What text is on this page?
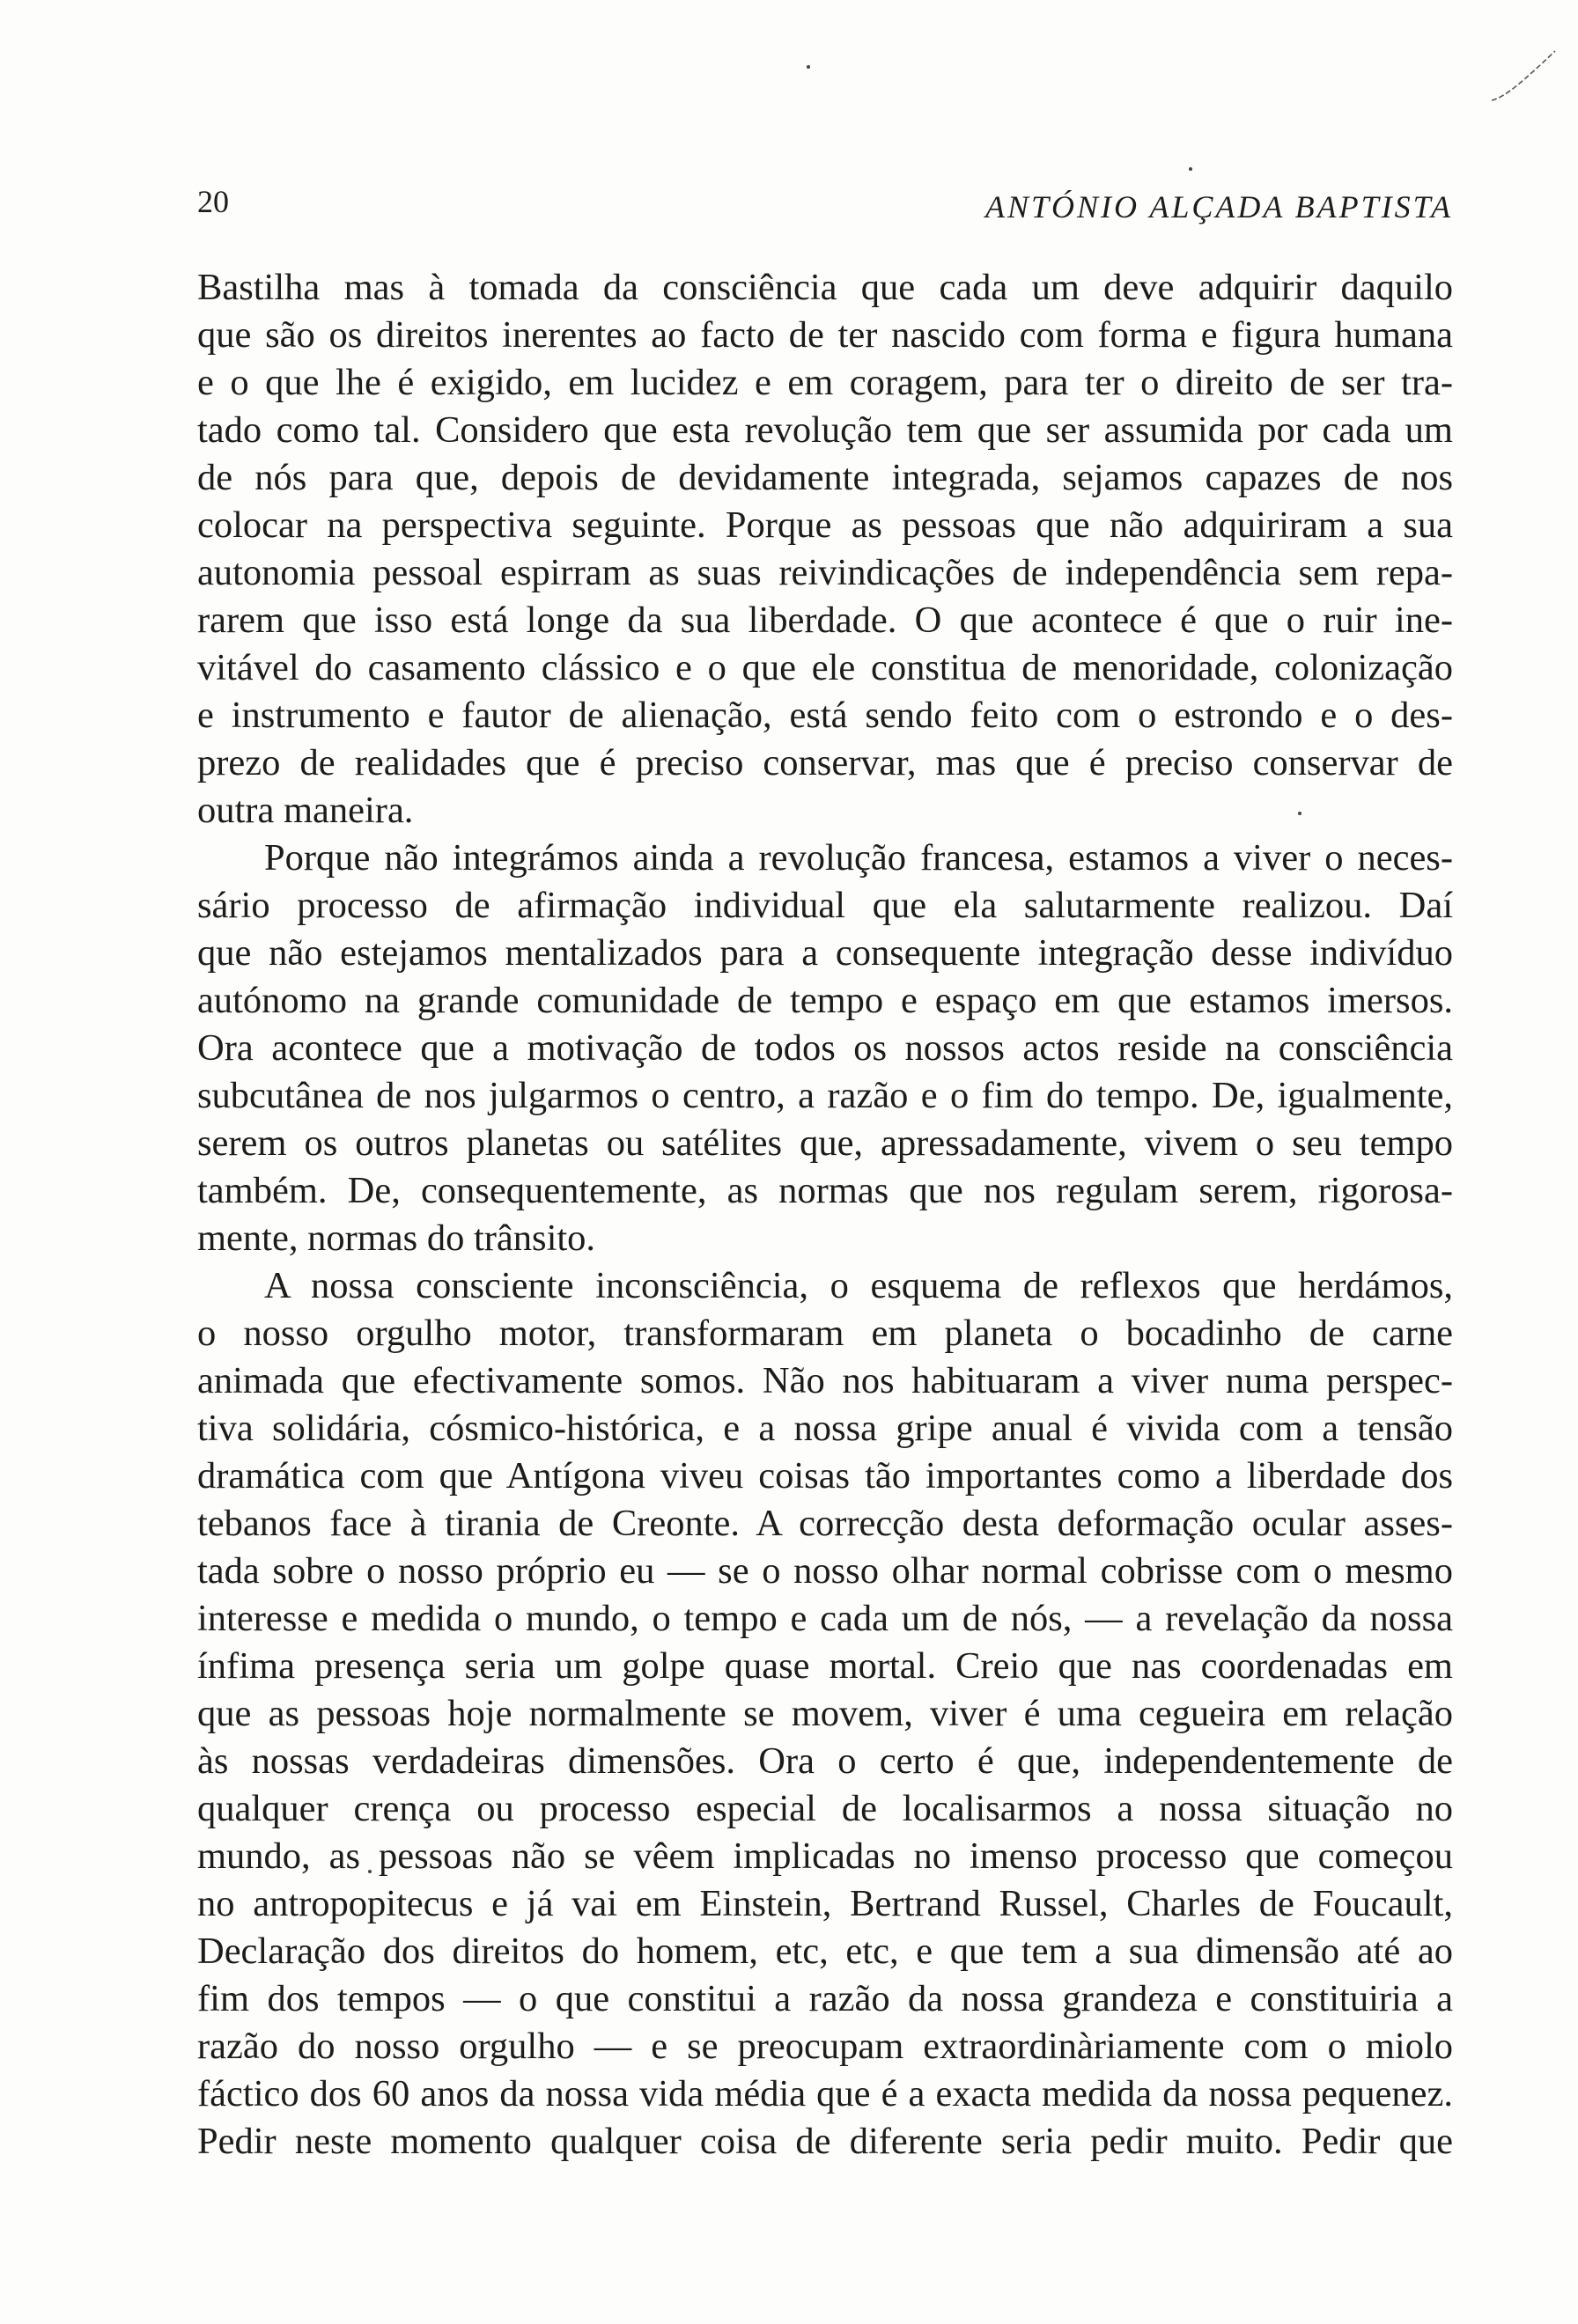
20	ANTÓNIO ALÇADA BAPTISTA

Bastilha mas à tomada da consciência que cada um deve adquirir daquilo
que são os direitos inerentes ao facto de ter nascido com forma e figura humana
e o que lhe é exigido, em lucidez e em coragem, para ter o direito de ser tra-
tado como tal. Considero que esta revolução tem que ser assumida por cada um
de nós para que, depois de devidamente integrada, sejamos capazes de nos
colocar na perspectiva seguinte. Porque as pessoas que não adquiriram a sua
autonomia pessoal espirram as suas reivindicações de independência sem repa-
rarem que isso está longe da sua liberdade. O que acontece é que o ruir ine-
vitável do casamento clássico e o que ele constitua de menoridade, colonização
e instrumento e fautor de alienação, está sendo feito com o estrondo e o des-
prezo de realidades que é preciso conservar, mas que é preciso conservar de
outra maneira.

Porque não integrámos ainda a revolução francesa, estamos a viver o neces-
sário processo de afirmação individual que ela salutarmente realizou. Daí
que não estejamos mentalizados para a consequente integração desse indivíduo
autónomo na grande comunidade de tempo e espaço em que estamos imersos.
Ora acontece que a motivação de todos os nossos actos reside na consciência
subcutânea de nos julgarmos o centro, a razão e o fim do tempo. De, igualmente,
serem os outros planetas ou satélites que, apressadamente, vivem o seu tempo
também. De, consequentemente, as normas que nos regulam serem, rigorosa-
mente, normas do trânsito.

A nossa consciente inconsciência, o esquema de reflexos que herdámos,
o nosso orgulho motor, transformaram em planeta o bocadinho de carne
animada que efectivamente somos. Não nos habituaram a viver numa perspec-
tiva solidária, cósmico-histórica, e a nossa gripe anual é vivida com a tensão
dramática com que Antígona viveu coisas tão importantes como a liberdade dos
tebanos face à tirania de Creonte. A correcção desta deformação ocular asses-
tada sobre o nosso próprio eu — se o nosso olhar normal cobrisse com o mesmo
interesse e medida o mundo, o tempo e cada um de nós, — a revelação da nossa
ínfima presença seria um golpe quase mortal. Creio que nas coordenadas em
que as pessoas hoje normalmente se movem, viver é uma cegueira em relação
às nossas verdadeiras dimensões. Ora o certo é que, independentemente de
qualquer crença ou processo especial de localisarmos a nossa situação no
mundo, as pessoas não se vêem implicadas no imenso processo que começou
no antropopitecus e já vai em Einstein, Bertrand Russel, Charles de Foucault,
Declaração dos direitos do homem, etc, etc, e que tem a sua dimensão até ao
fim dos tempos — o que constitui a razão da nossa grandeza e constituiria a
razão do nosso orgulho — e se preocupam extraordinàriamente com o miolo
fáctico dos 60 anos da nossa vida média que é a exacta medida da nossa pequenez.
Pedir neste momento qualquer coisa de diferente seria pedir muito. Pedir que
